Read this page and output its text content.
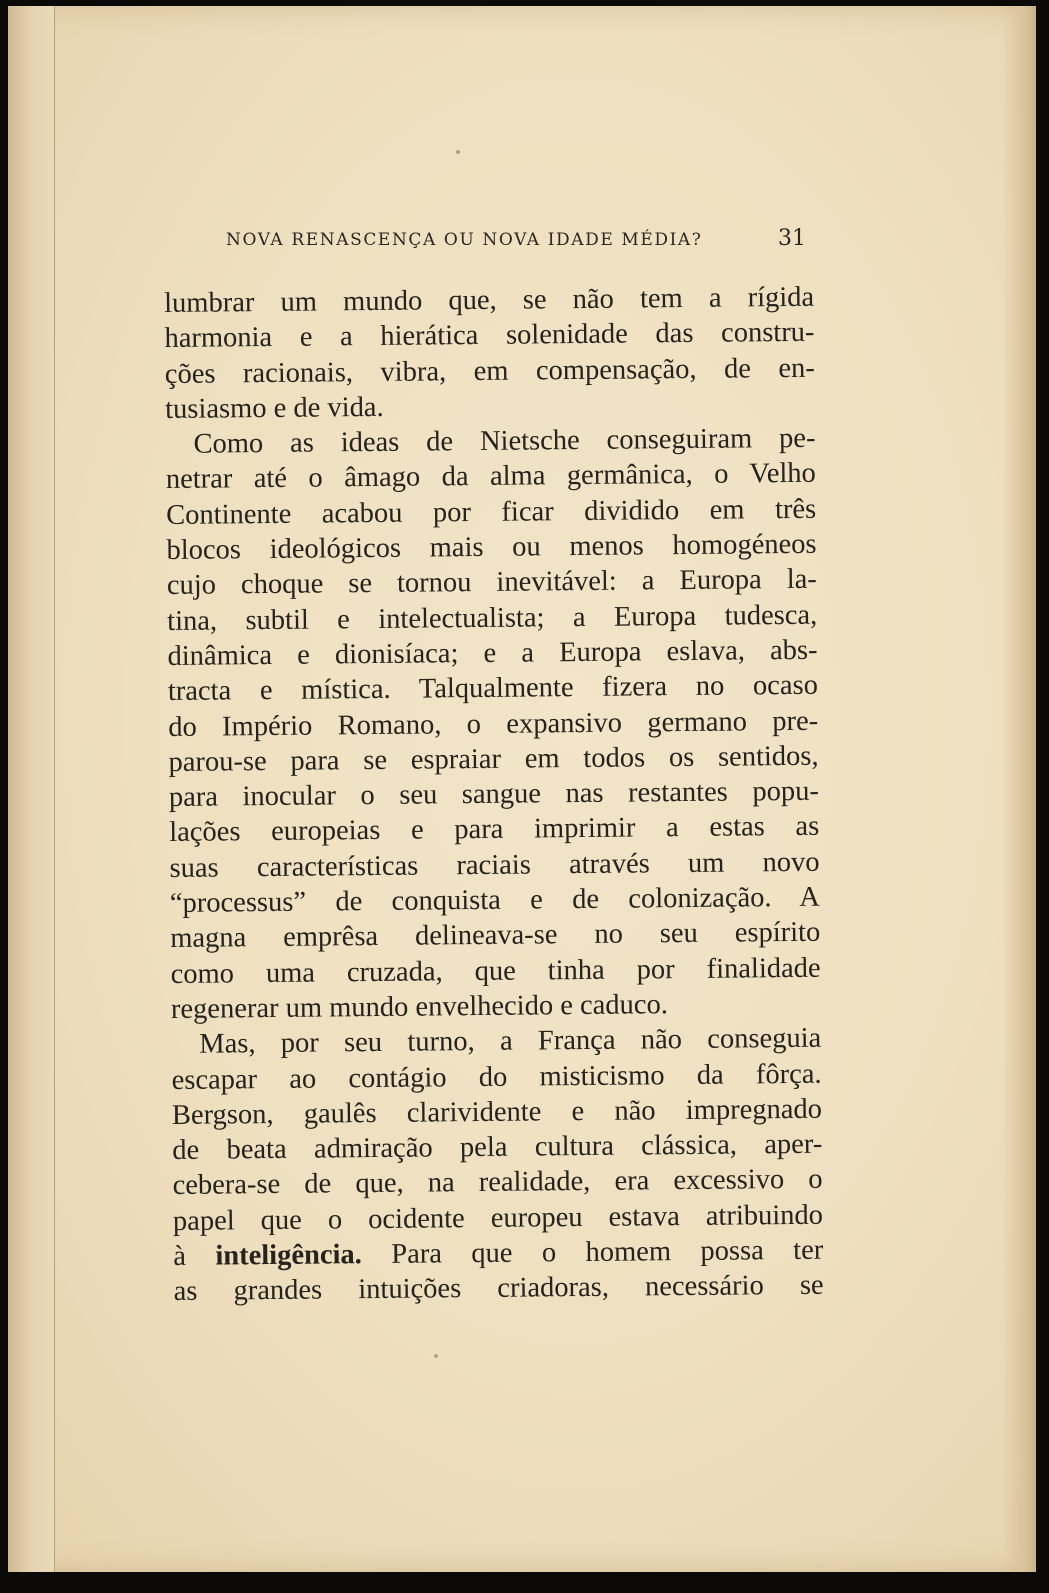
NOVA RENASCENÇA OU NOVA IDADE MÉDIA?	31
lumbrar um mundo que, se não tem a rígida
harmonia e a hierática solenidade das constru-
ções racionais, vibra, em compensação, de en-
tusiasmo e de vida.
Como as ideas de Nietsche conseguiram pe-
netrar até o âmago da alma germânica, o Velho
Continente acabou por ficar dividido em três
blocos ideológicos mais ou menos homogéneos
cujo choque se tornou inevitável: a Europa la-
tina, subtil e intelectualista; a Europa tudesca,
dinâmica e dionisíaca; e a Europa eslava, abs-
tracta e mística. Talqualmente fizera no ocaso
do Império Romano, o expansivo germano pre-
parou-se para se espraiar em todos os sentidos,
para inocular o seu sangue nas restantes popu-
lações europeias e para imprimir a estas as
suas características raciais através um novo
“processus” de conquista e de colonização. A
magna emprêsa delineava-se no seu espírito
como uma cruzada, que tinha por finalidade
regenerar um mundo envelhecido e caduco.
Mas, por seu turno, a França não conseguia
escapar ao contágio do misticismo da fôrça.
Bergson, gaulês clarividente e não impregnado
de beata admiração pela cultura clássica, aper-
cebera-se de que, na realidade, era excessivo o
papel que o ocidente europeu estava atribuindo
à inteligência. Para que o homem possa ter
as grandes intuições criadoras, necessário se
